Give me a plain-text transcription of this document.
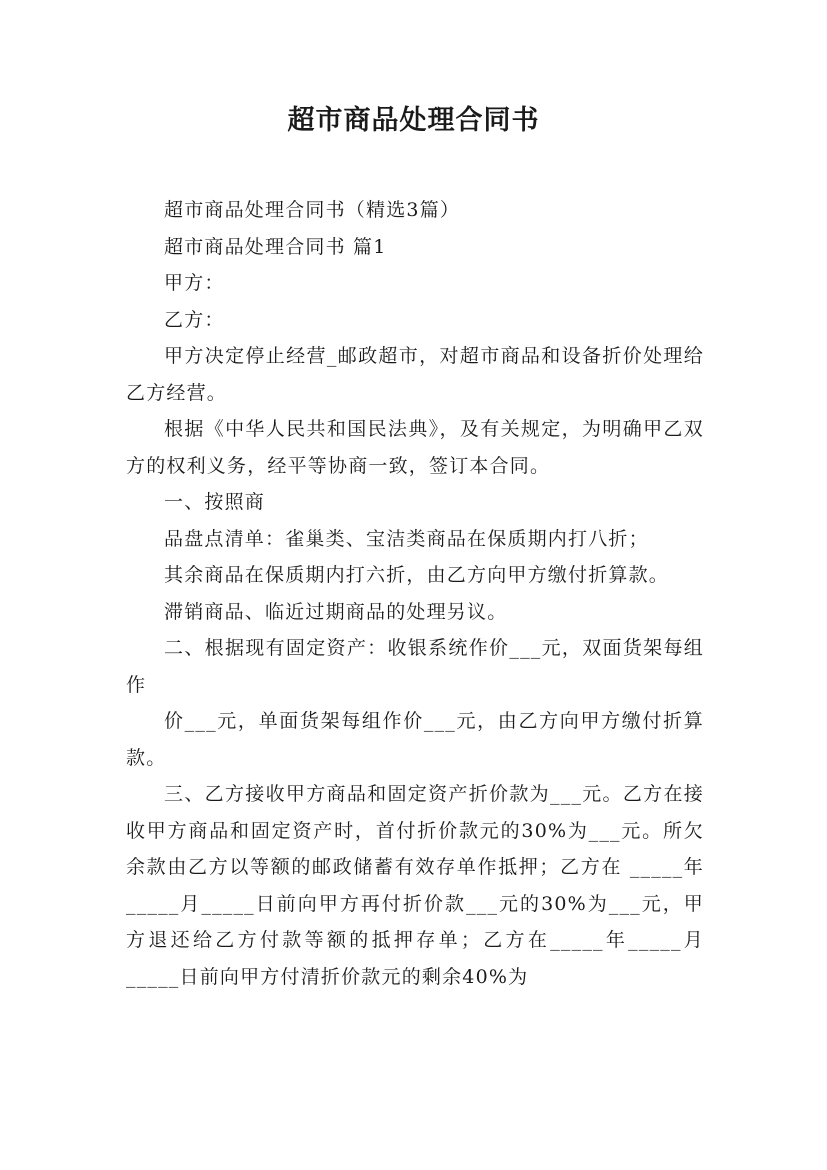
超市商品处理合同书

超市商品处理合同书（精选3篇）

超市商品处理合同书 篇1

甲方：

乙方：

甲方决定停止经营_邮政超市，对超市商品和设备折价处理给乙方经营。

根据《中华人民共和国民法典》，及有关规定，为明确甲乙双方的权利义务，经平等协商一致，签订本合同。

一、按照商

品盘点清单：雀巢类、宝洁类商品在保质期内打八折；

其余商品在保质期内打六折，由乙方向甲方缴付折算款。

滞销商品、临近过期商品的处理另议。

二、根据现有固定资产：收银系统作价___元，双面货架每组作

价___元，单面货架每组作价___元，由乙方向甲方缴付折算款。

三、乙方接收甲方商品和固定资产折价款为___元。乙方在接收甲方商品和固定资产时，首付折价款元的30%为___元。所欠余款由乙方以等额的邮政储蓄有效存单作抵押；乙方在 _____年_____月_____日前向甲方再付折价款___元的30%为___元，甲方退还给乙方付款等额的抵押存单；乙方在_____年_____月_____日前向甲方付清折价款元的剩余40%为
